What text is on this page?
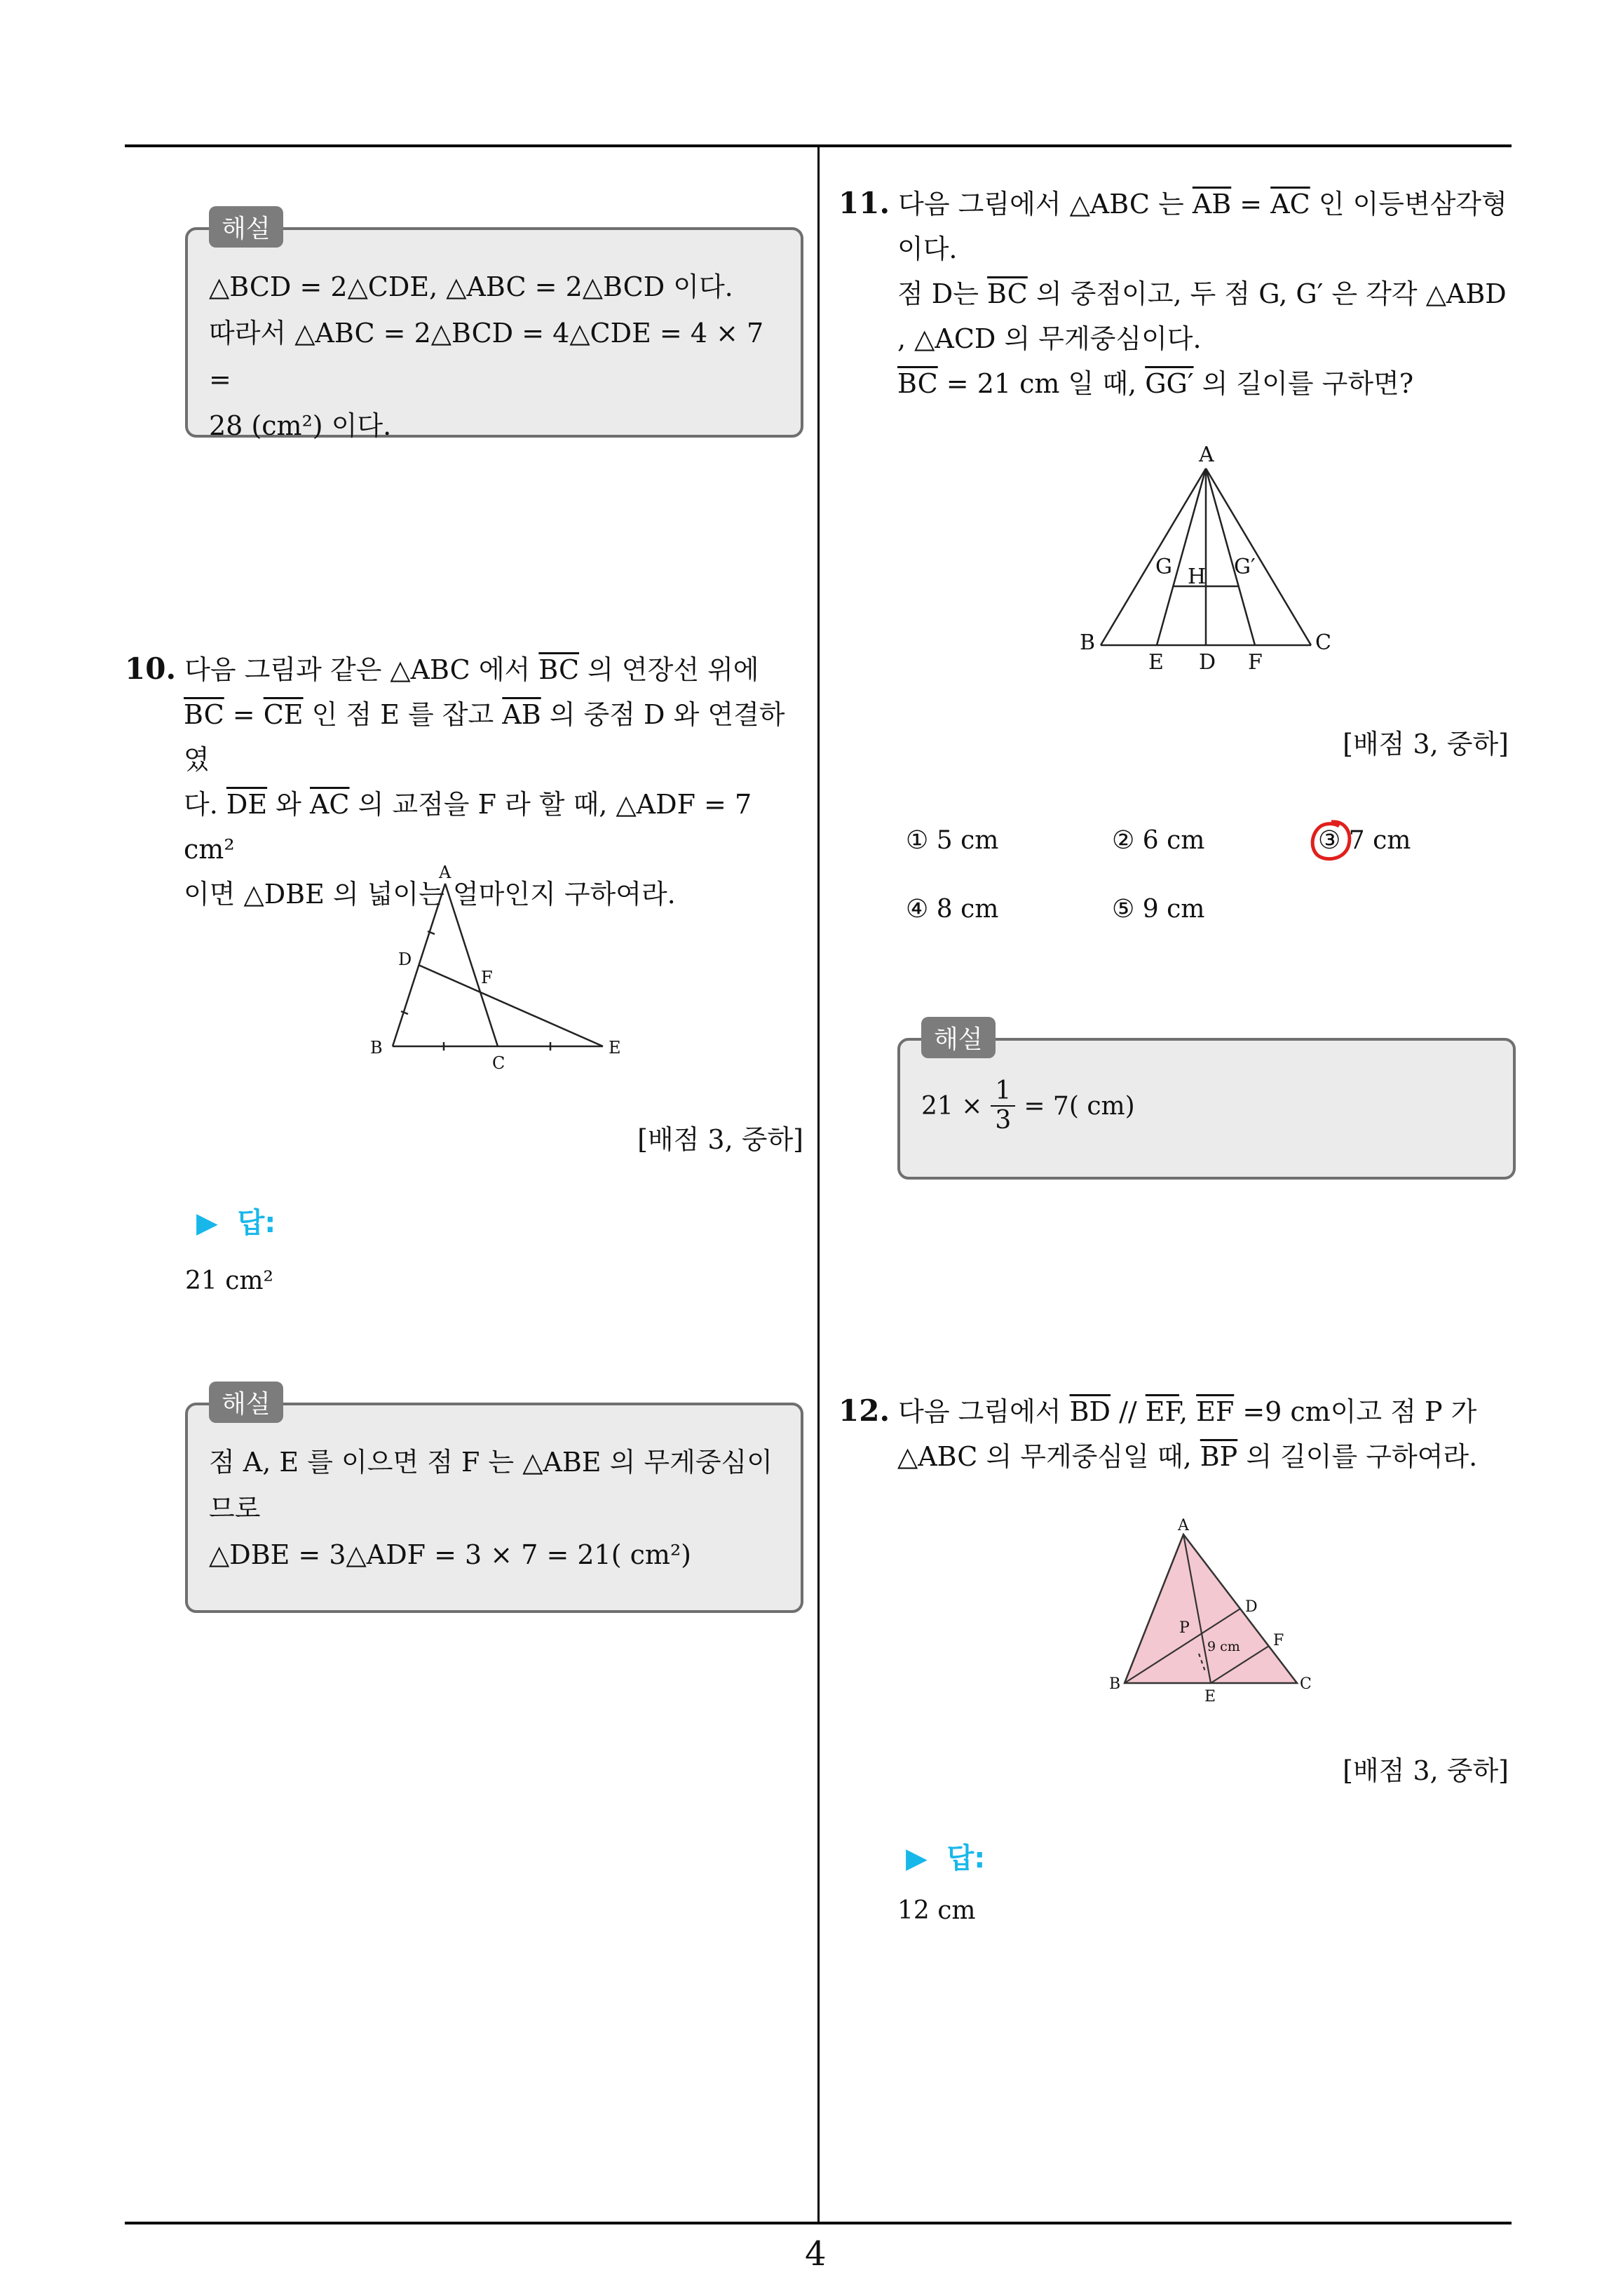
해설
△BCD = 2△CDE, △ABC = 2△BCD 이다.
따라서 △ABC = 2△BCD = 4△CDE = 4 × 7 =
28 (cm²) 이다.
10. 다음 그림과 같은 △ABC 에서 $\overline{BC}$ 의 연장선 위에
$\overline{BC} = \overline{CE}$ 인 점 E 를 잡고 $\overline{AB}$ 의 중점 D 와 연결하였
다. $\overline{DE}$ 와 $\overline{AC}$ 의 교점을 F 라 할 때, △ADF = 7 cm²
이면 △DBE 의 넓이는 얼마인지 구하여라.
A
D
F
B
C
E
[배점 3, 중하]
▶ 답:
21 cm²
해설
점 A, E 를 이으면 점 F 는 △ABE 의 무게중심이
므로
△DBE = 3△ADF = 3 × 7 = 21( cm²)
11. 다음 그림에서 △ABC 는 $\overline{AB} = \overline{AC}$ 인 이등변삼각형
이다.
점 D는 $\overline{BC}$ 의 중점이고, 두 점 G, G′ 은 각각 △ABD
, △ACD 의 무게중심이다.
$\overline{BC} = 21$ cm 일 때, GG′ 의 길이를 구하면?
A
G	G′
H
B
E D F
C
[배점 3, 중하]
① 5 cm	② 6 cm	③ 7 cm
④ 8 cm	⑤ 9 cm
해설
$21 \times \frac{1}{3} = 7$( cm)
12. 다음 그림에서 $\overline{BD} // \overline{EF}$, $\overline{EF} =9$ cm이고 점 P 가
△ABC 의 무게중심일 때, $\overline{BP}$ 의 길이를 구하여라.
A
D
P
9 cm F
B
E
C
[배점 3, 중하]
▶ 답:
12 cm
4
